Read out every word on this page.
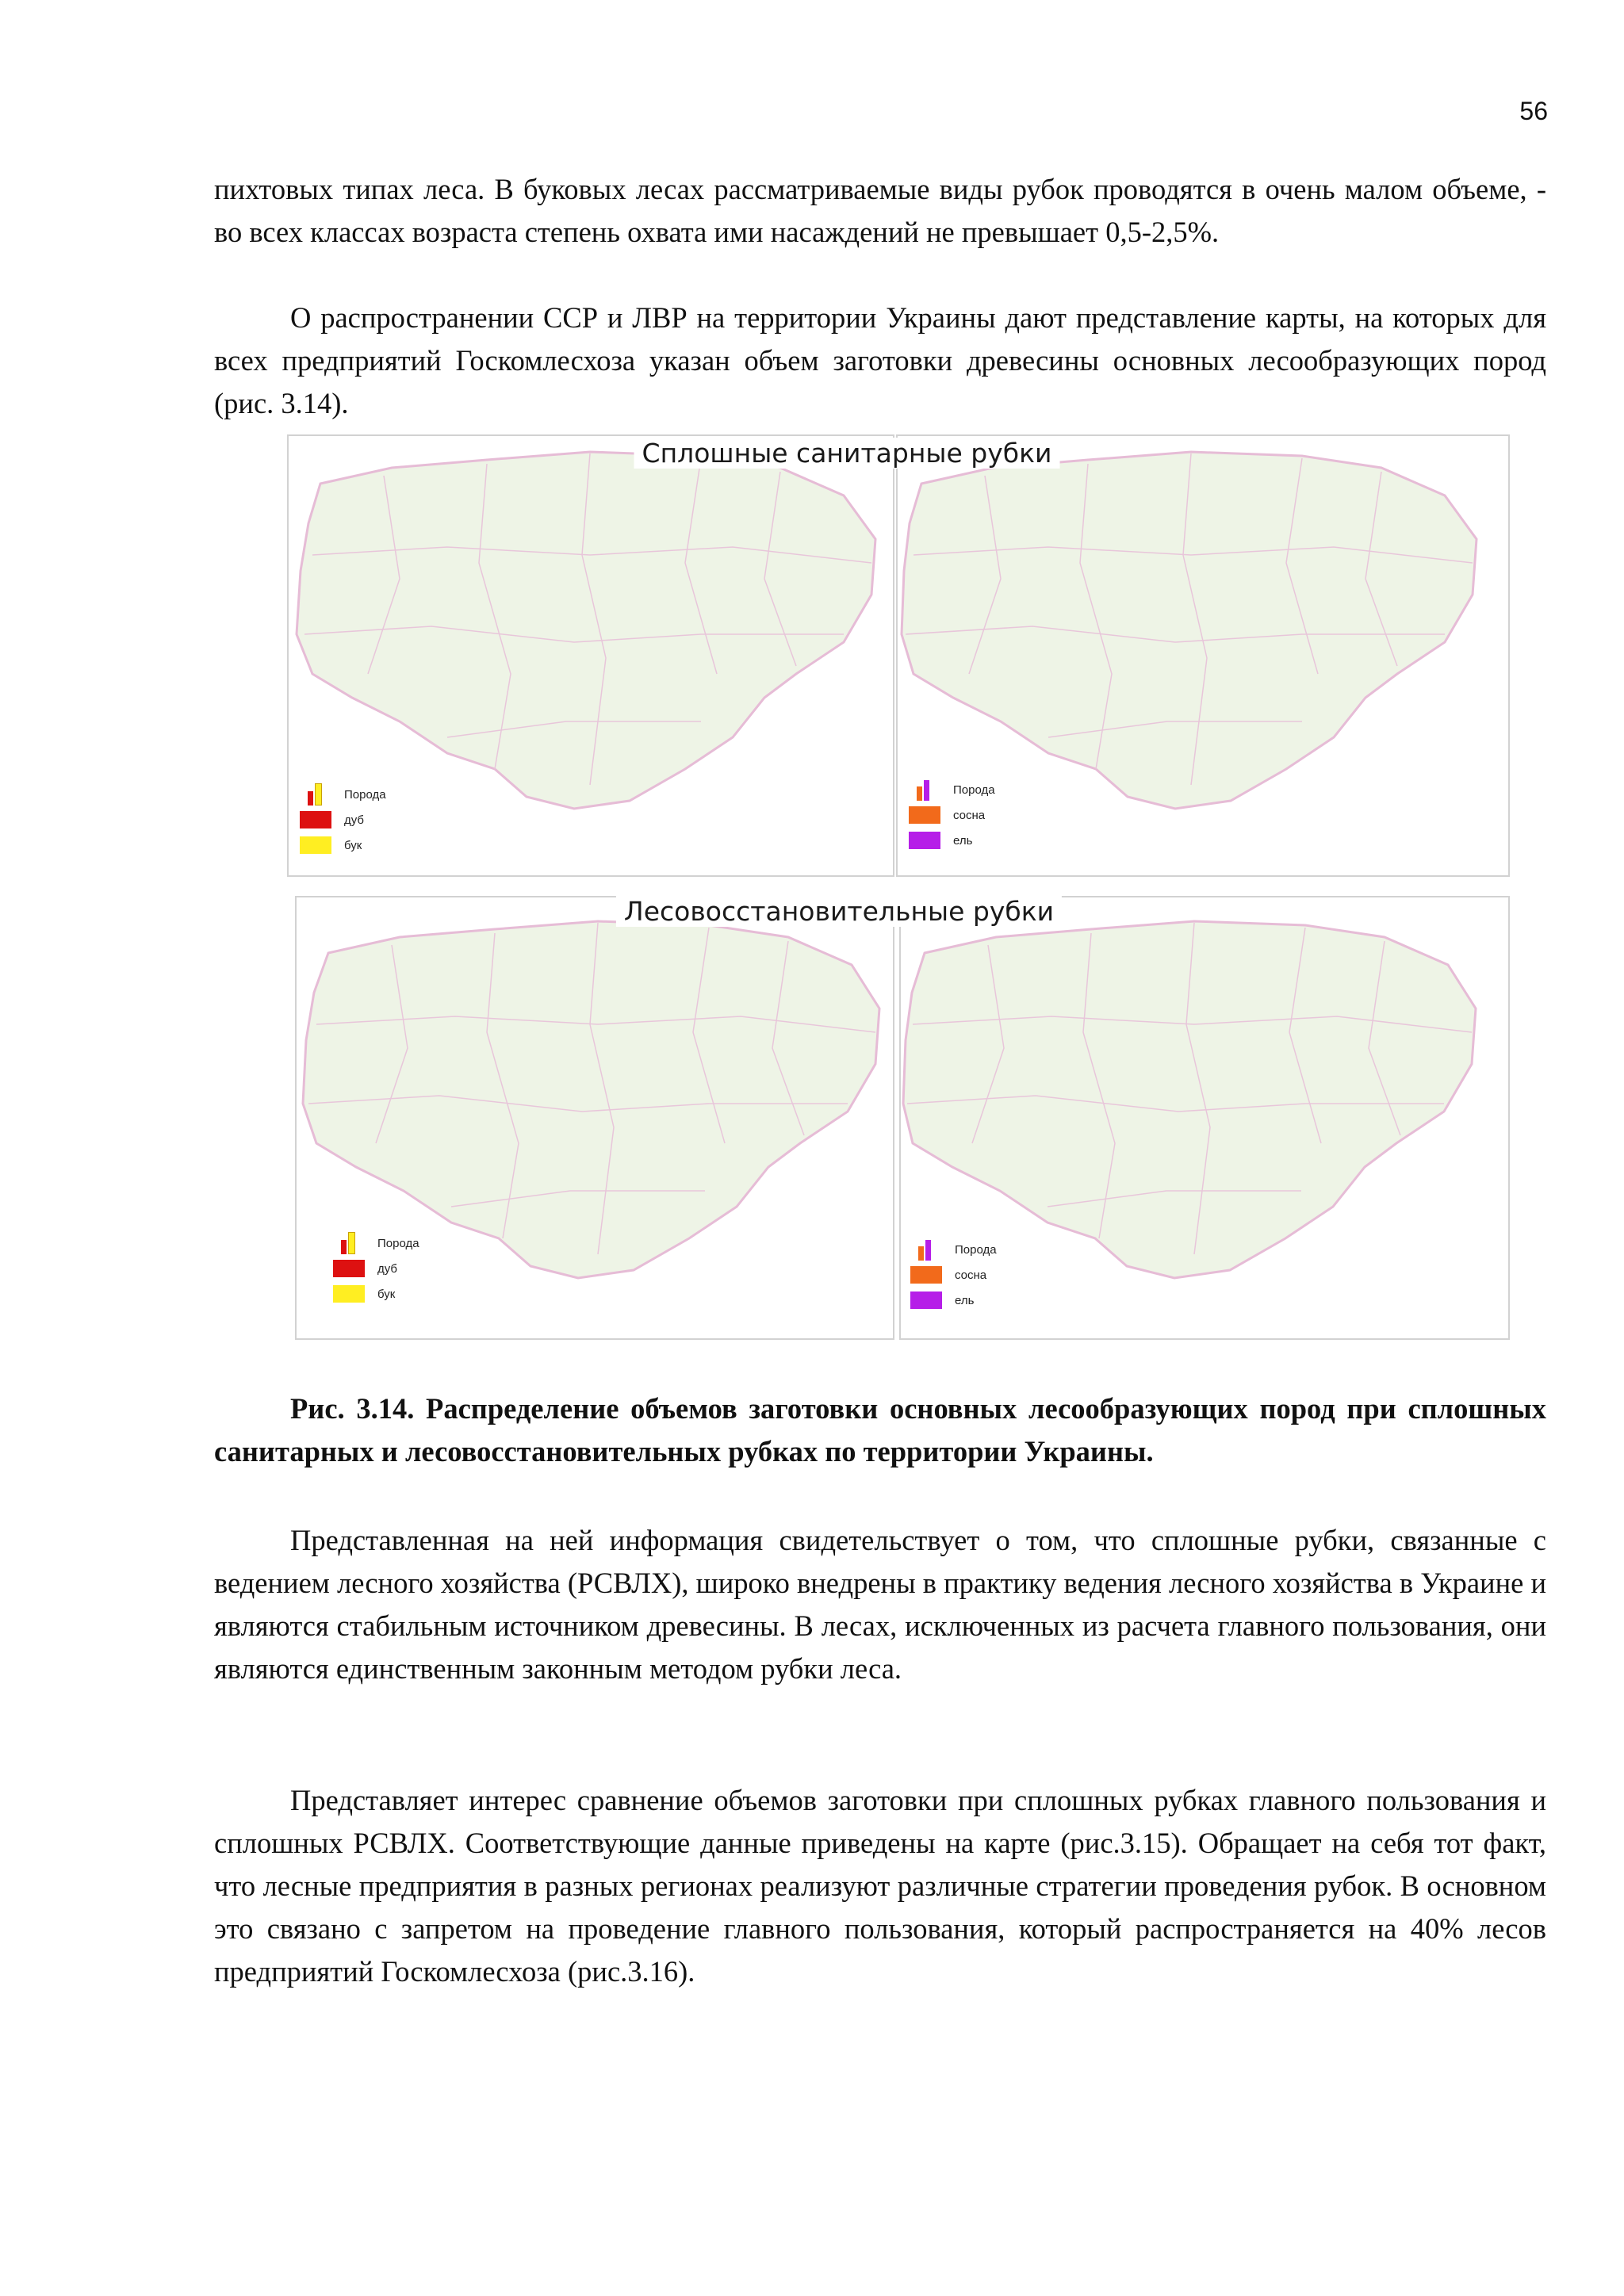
56

пихтовых типах леса. В буковых лесах рассматриваемые виды рубок проводятся в очень малом объеме, - во всех классах возраста степень охвата ими насаждений не превышает 0,5-2,5%.

О распространении ССР и ЛВР на территории Украины дают представление карты, на которых для всех предприятий Госкомлесхоза указан объем заготовки древесины основных лесообразующих пород (рис. 3.14).

Порода
дуб
бук
Порода
сосна
ель
Сплошные санитарные рубки
Порода
дуб
бук
Порода
сосна
ель
Лесовосстановительные рубки

Рис. 3.14. Распределение объемов заготовки основных лесообразующих пород при сплошных санитарных и лесовосстановительных рубках по территории Украины.

Представленная на ней информация свидетельствует о том, что сплошные рубки, связанные с ведением лесного хозяйства (РСВЛХ), широко внедрены в практику ведения лесного хозяйства в Украине и являются стабильным источником древесины. В лесах, исключенных из расчета главного пользования, они являются единственным законным методом рубки леса.

Представляет интерес сравнение объемов заготовки при сплошных рубках главного пользования и сплошных РСВЛХ. Соответствующие данные приведены на карте (рис.3.15). Обращает на себя тот факт, что лесные предприятия в разных регионах реализуют различные стратегии проведения рубок. В основном это связано с запретом на проведение главного пользования, который распространяется на 40% лесов предприятий Госкомлесхоза (рис.3.16).
